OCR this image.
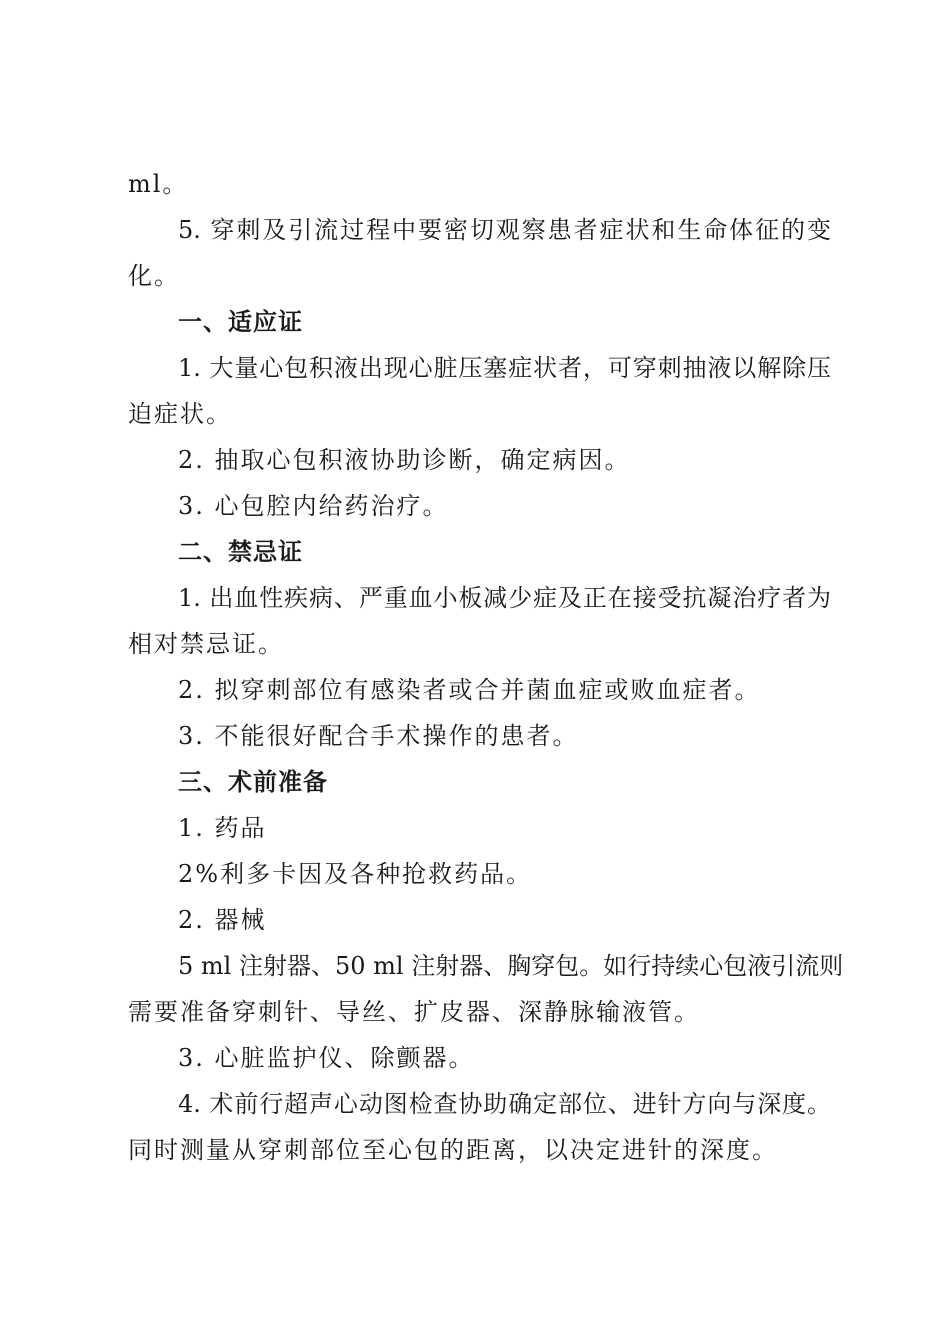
ml。
5. 穿刺及引流过程中要密切观察患者症状和生命体征的变
化。
一、适应证
1. 大量心包积液出现心脏压塞症状者，可穿刺抽液以解除压
迫症状。
2. 抽取心包积液协助诊断，确定病因。
3. 心包腔内给药治疗。
二、禁忌证
1. 出血性疾病、严重血小板减少症及正在接受抗凝治疗者为
相对禁忌证。
2. 拟穿刺部位有感染者或合并菌血症或败血症者。
3. 不能很好配合手术操作的患者。
三、术前准备
1. 药品
2%利多卡因及各种抢救药品。
2. 器械
5 ml 注射器、50 ml 注射器、胸穿包。如行持续心包液引流则
需要准备穿刺针、导丝、扩皮器、深静脉输液管。
3. 心脏监护仪、除颤器。
4. 术前行超声心动图检查协助确定部位、进针方向与深度。
同时测量从穿刺部位至心包的距离，以决定进针的深度。
